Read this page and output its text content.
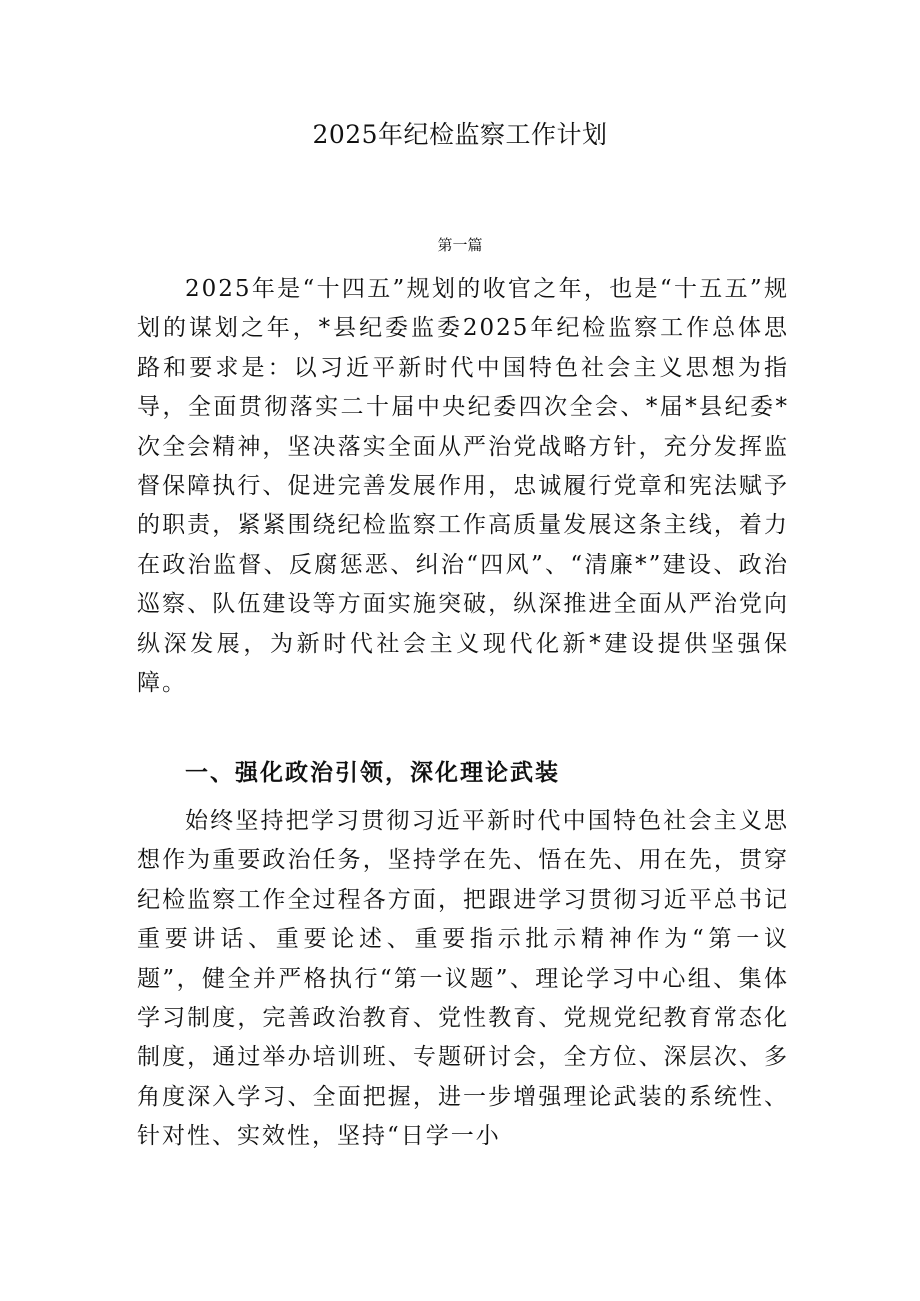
2025年纪检监察工作计划
第一篇

2025年是“十四五”规划的收官之年，也是“十五五”规划的谋划之年，*县纪委监委2025年纪检监察工作总体思路和要求是：以习近平新时代中国特色社会主义思想为指导，全面贯彻落实二十届中央纪委四次全会、*届*县纪委*次全会精神，坚决落实全面从严治党战略方针，充分发挥监督保障执行、促进完善发展作用，忠诚履行党章和宪法赋予的职责，紧紧围绕纪检监察工作高质量发展这条主线，着力在政治监督、反腐惩恶、纠治“四风”、“清廉*”建设、政治巡察、队伍建设等方面实施突破，纵深推进全面从严治党向纵深发展，为新时代社会主义现代化新*建设提供坚强保障。

一、强化政治引领，深化理论武装

始终坚持把学习贯彻习近平新时代中国特色社会主义思想作为重要政治任务，坚持学在先、悟在先、用在先，贯穿纪检监察工作全过程各方面，把跟进学习贯彻习近平总书记重要讲话、重要论述、重要指示批示精神作为“第一议题”，健全并严格执行“第一议题”、理论学习中心组、集体学习制度，完善政治教育、党性教育、党规党纪教育常态化制度，通过举办培训班、专题研讨会，全方位、深层次、多角度深入学习、全面把握，进一步增强理论武装的系统性、针对性、实效性，坚持“日学一小
